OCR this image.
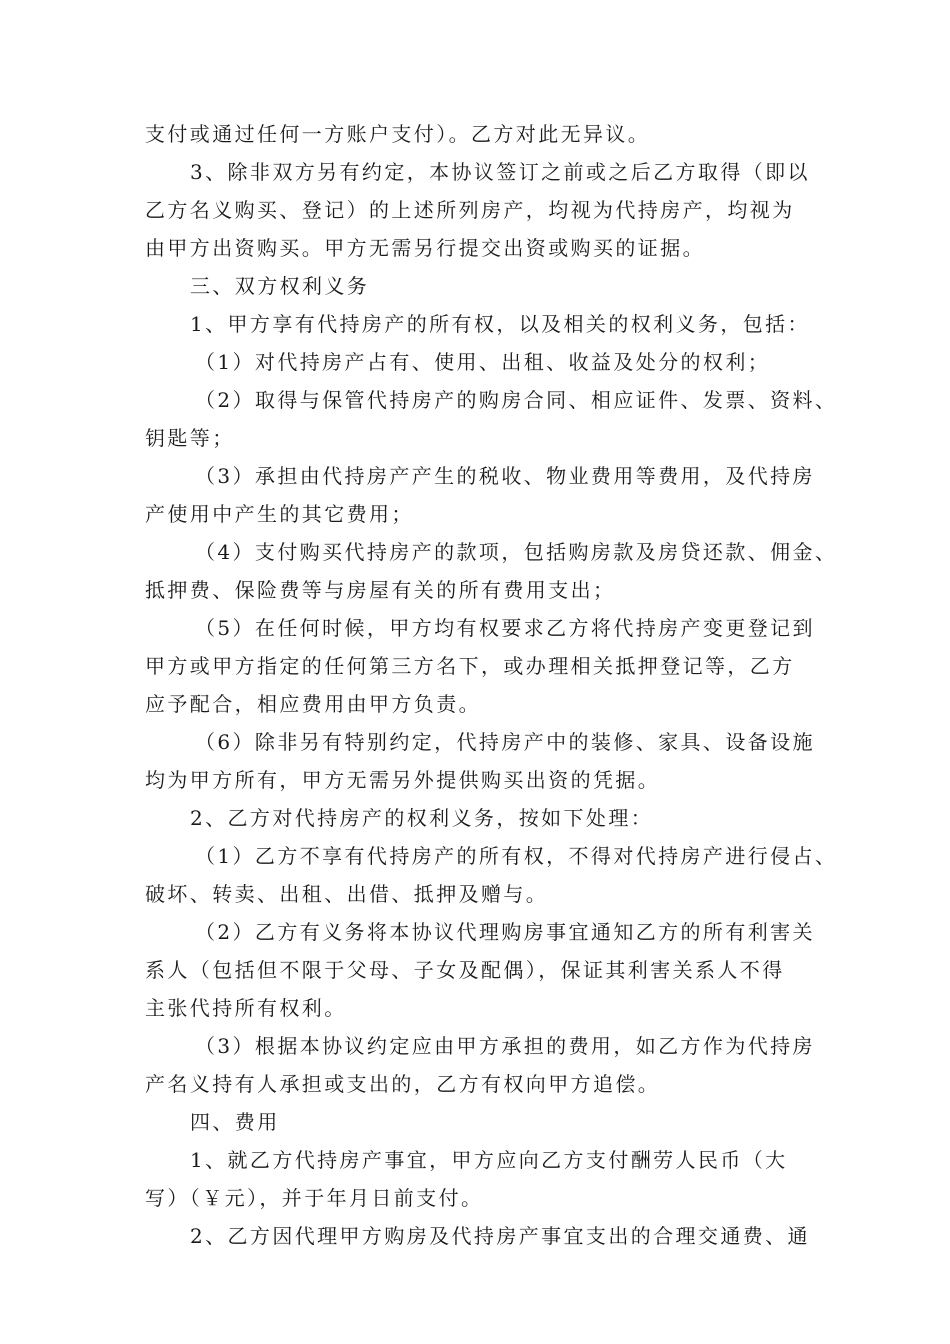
支付或通过任何一方账户支付）。乙方对此无异议。
3、除非双方另有约定，本协议签订之前或之后乙方取得（即以
乙方名义购买、登记）的上述所列房产，均视为代持房产，均视为
由甲方出资购买。甲方无需另行提交出资或购买的证据。
三、双方权利义务
1、甲方享有代持房产的所有权，以及相关的权利义务，包括：
（1）对代持房产占有、使用、出租、收益及处分的权利；
（2）取得与保管代持房产的购房合同、相应证件、发票、资料、
钥匙等；
（3）承担由代持房产产生的税收、物业费用等费用，及代持房
产使用中产生的其它费用；
（4）支付购买代持房产的款项，包括购房款及房贷还款、佣金、
抵押费、保险费等与房屋有关的所有费用支出；
（5）在任何时候，甲方均有权要求乙方将代持房产变更登记到
甲方或甲方指定的任何第三方名下，或办理相关抵押登记等，乙方
应予配合，相应费用由甲方负责。
（6）除非另有特别约定，代持房产中的装修、家具、设备设施
均为甲方所有，甲方无需另外提供购买出资的凭据。
2、乙方对代持房产的权利义务，按如下处理：
（1）乙方不享有代持房产的所有权，不得对代持房产进行侵占、
破坏、转卖、出租、出借、抵押及赠与。
（2）乙方有义务将本协议代理购房事宜通知乙方的所有利害关
系人（包括但不限于父母、子女及配偶），保证其利害关系人不得
主张代持所有权利。
（3）根据本协议约定应由甲方承担的费用，如乙方作为代持房
产名义持有人承担或支出的，乙方有权向甲方追偿。
四、费用
1、就乙方代持房产事宜，甲方应向乙方支付酬劳人民币（大
写）（￥元），并于年月日前支付。
2、乙方因代理甲方购房及代持房产事宜支出的合理交通费、通
